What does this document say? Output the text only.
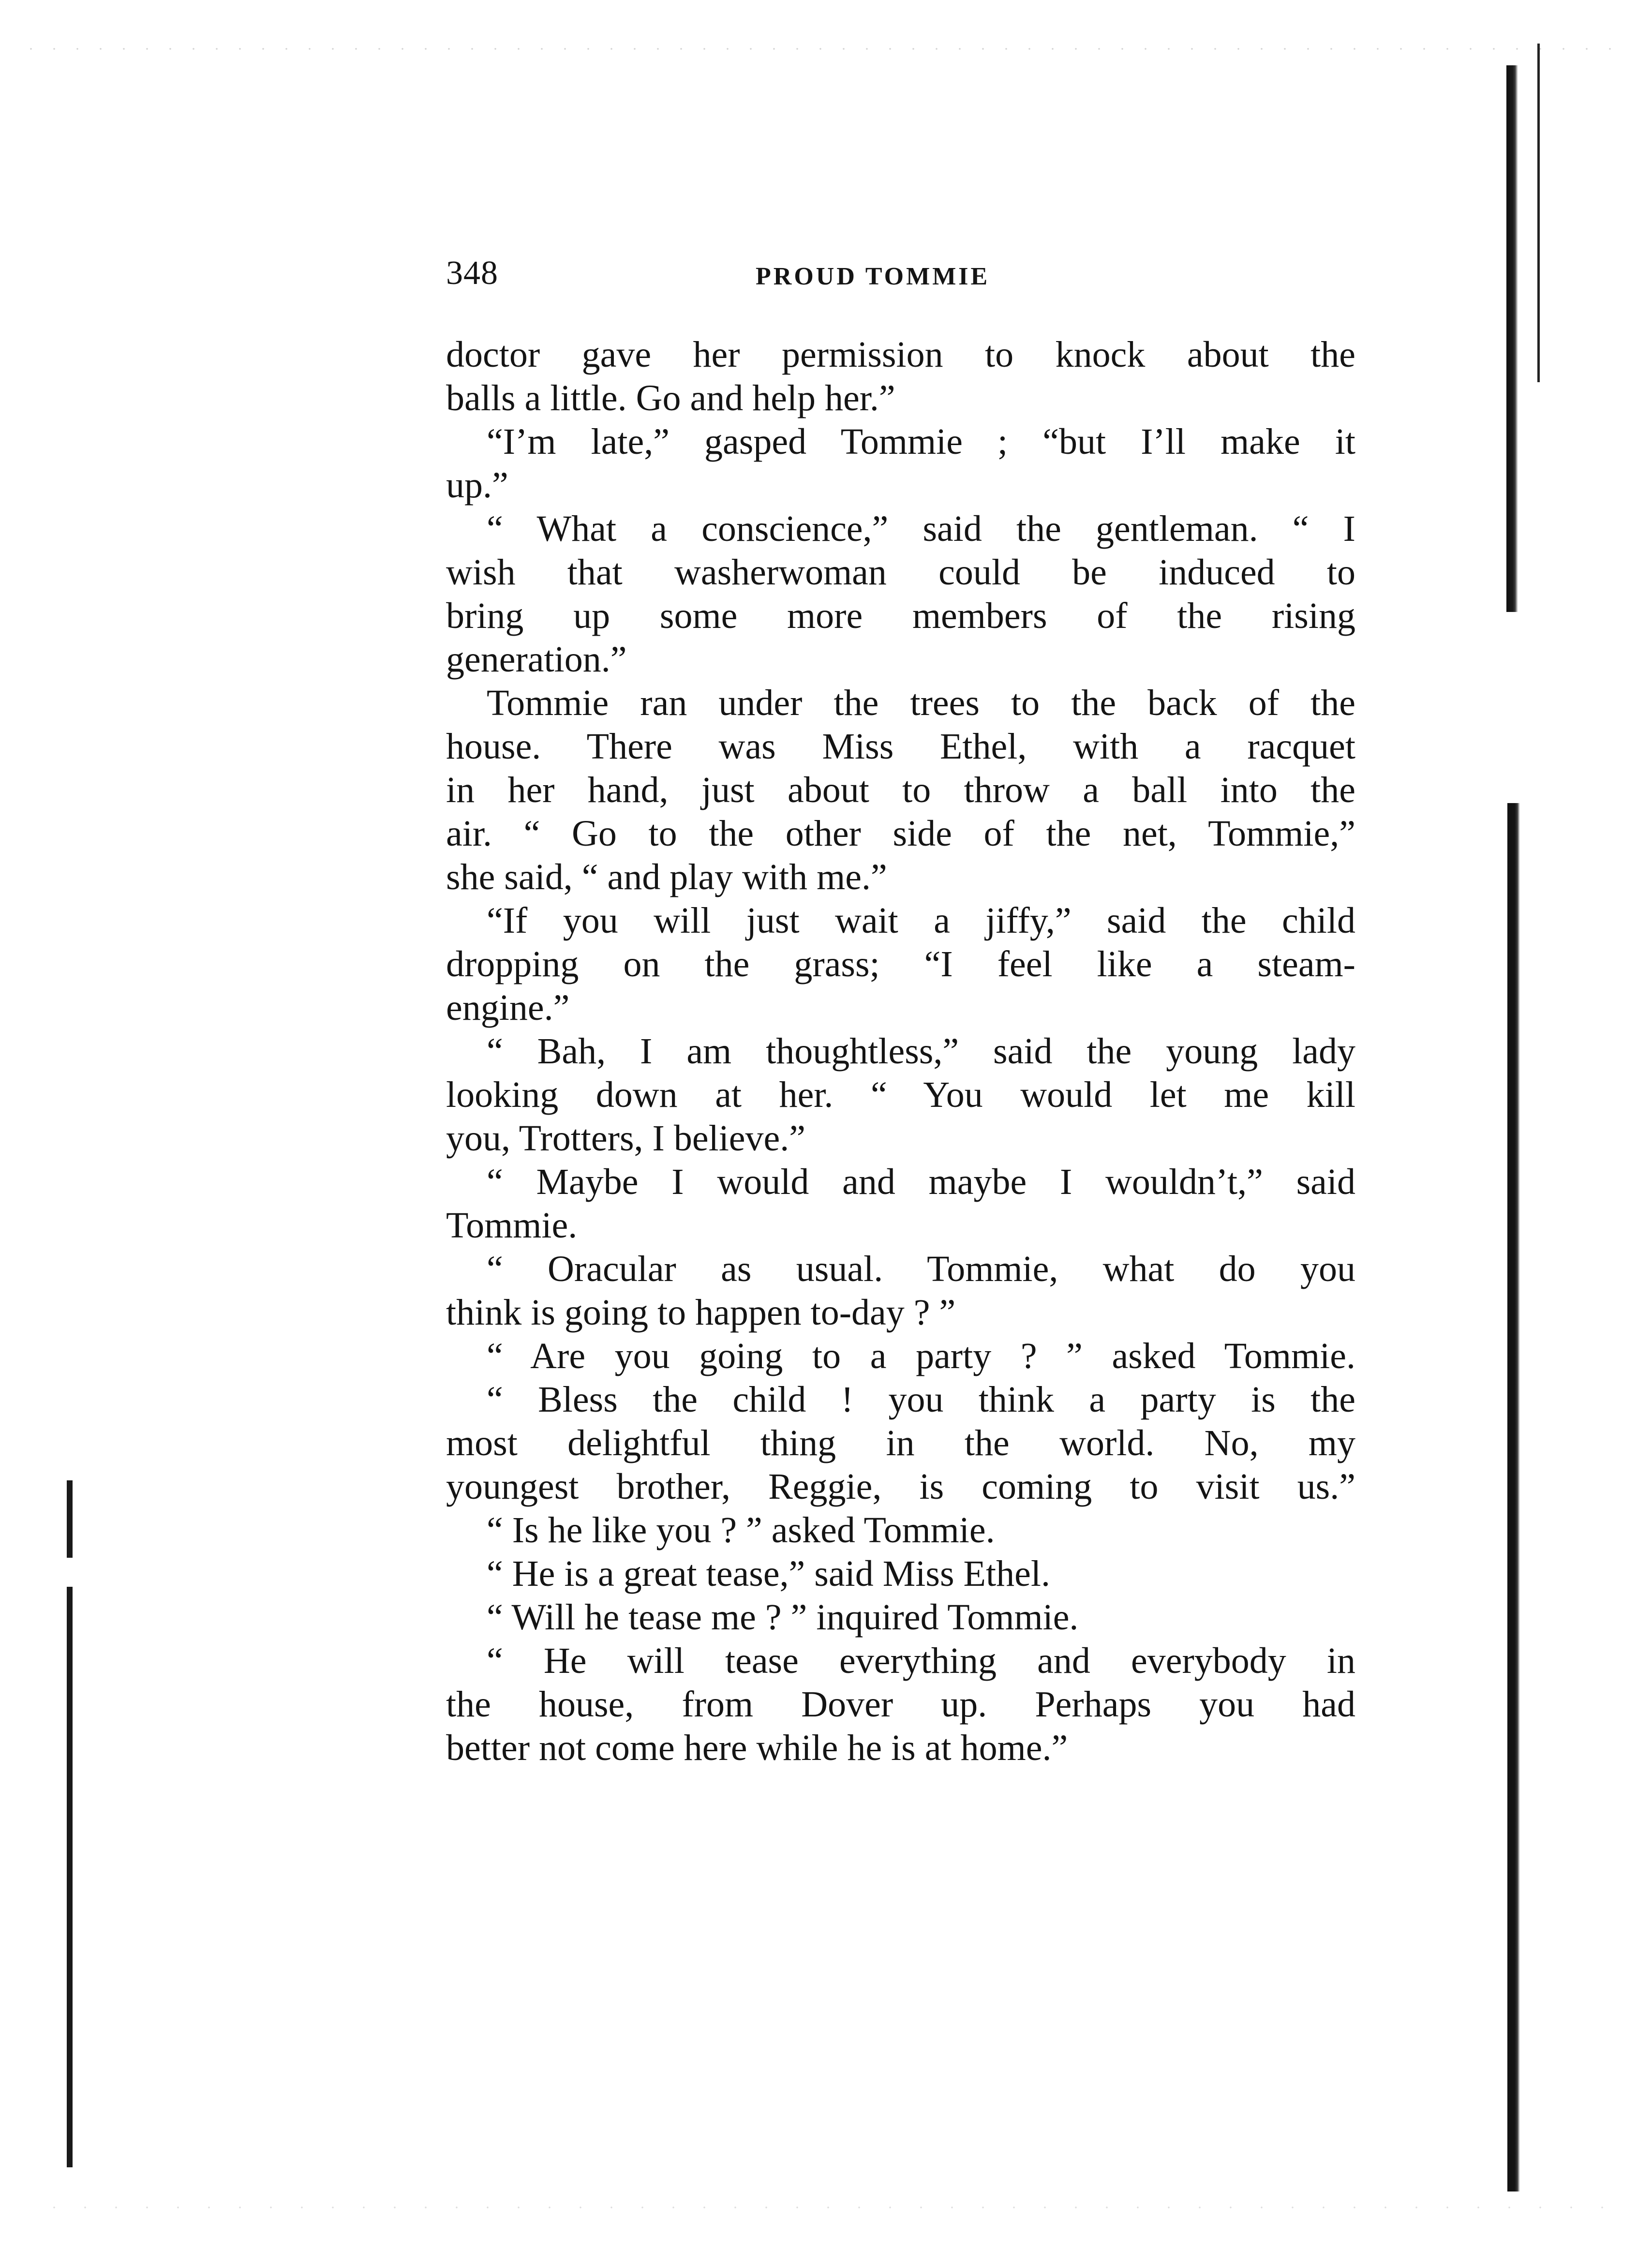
348	PROUD TOMMIE
doctor gave her permission to knock about the
balls a little. Go and help her.”
“I’m late,” gasped Tommie ; “but I’ll make it
up.”
“ What a conscience,” said the gentleman. “ I
wish that washerwoman could be induced to
bring up some more members of the rising
generation.”
Tommie ran under the trees to the back of the
house. There was Miss Ethel, with a racquet
in her hand, just about to throw a ball into the
air. “ Go to the other side of the net, Tommie,”
she said, “ and play with me.”
“If you will just wait a jiffy,” said the child
dropping on the grass; “I feel like a steam-
engine.”
“ Bah, I am thoughtless,” said the young lady
looking down at her. “ You would let me kill
you, Trotters, I believe.”
“ Maybe I would and maybe I wouldn’t,” said
Tommie.
“ Oracular as usual. Tommie, what do you
think is going to happen to-day ? ”
“ Are you going to a party ? ” asked Tommie.
“ Bless the child ! you think a party is the
most delightful thing in the world. No, my
youngest brother, Reggie, is coming to visit us.”
“ Is he like you ? ” asked Tommie.
“ He is a great tease,” said Miss Ethel.
“ Will he tease me ? ” inquired Tommie.
“ He will tease everything and everybody in
the house, from Dover up. Perhaps you had
better not come here while he is at home.”
